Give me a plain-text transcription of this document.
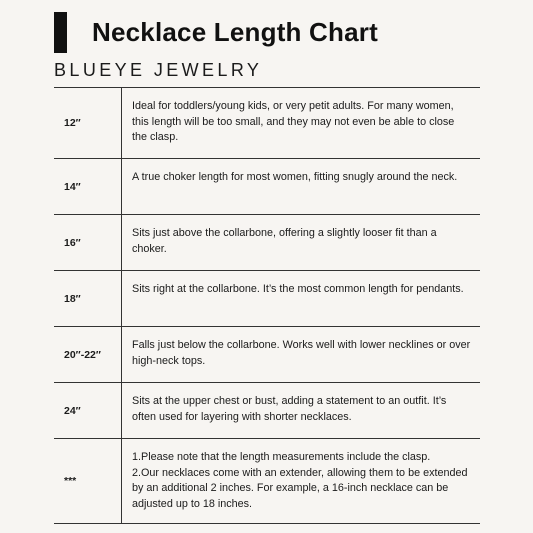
Necklace Length Chart
BLUEYE JEWELRY
12″
Ideal for toddlers/young kids, or very petit adults. For many women, this length will be too small, and they may not even be able to close the clasp.
14″
A true choker length for most women, fitting snugly around the neck.
16″
Sits just above the collarbone, offering a slightly looser fit than a choker.
18″
Sits right at the collarbone. It’s the most common length for pendants.
20″-22″
Falls just below the collarbone. Works well with lower necklines or over high-neck tops.
24″
Sits at the upper chest or bust, adding a statement to an outfit. It’s often used for layering with shorter necklaces.
***
1.Please note that the length measurements include the clasp.
2.Our necklaces come with an extender, allowing them to be extended by an additional 2 inches. For example, a 16-inch necklace can be adjusted up to 18 inches.
